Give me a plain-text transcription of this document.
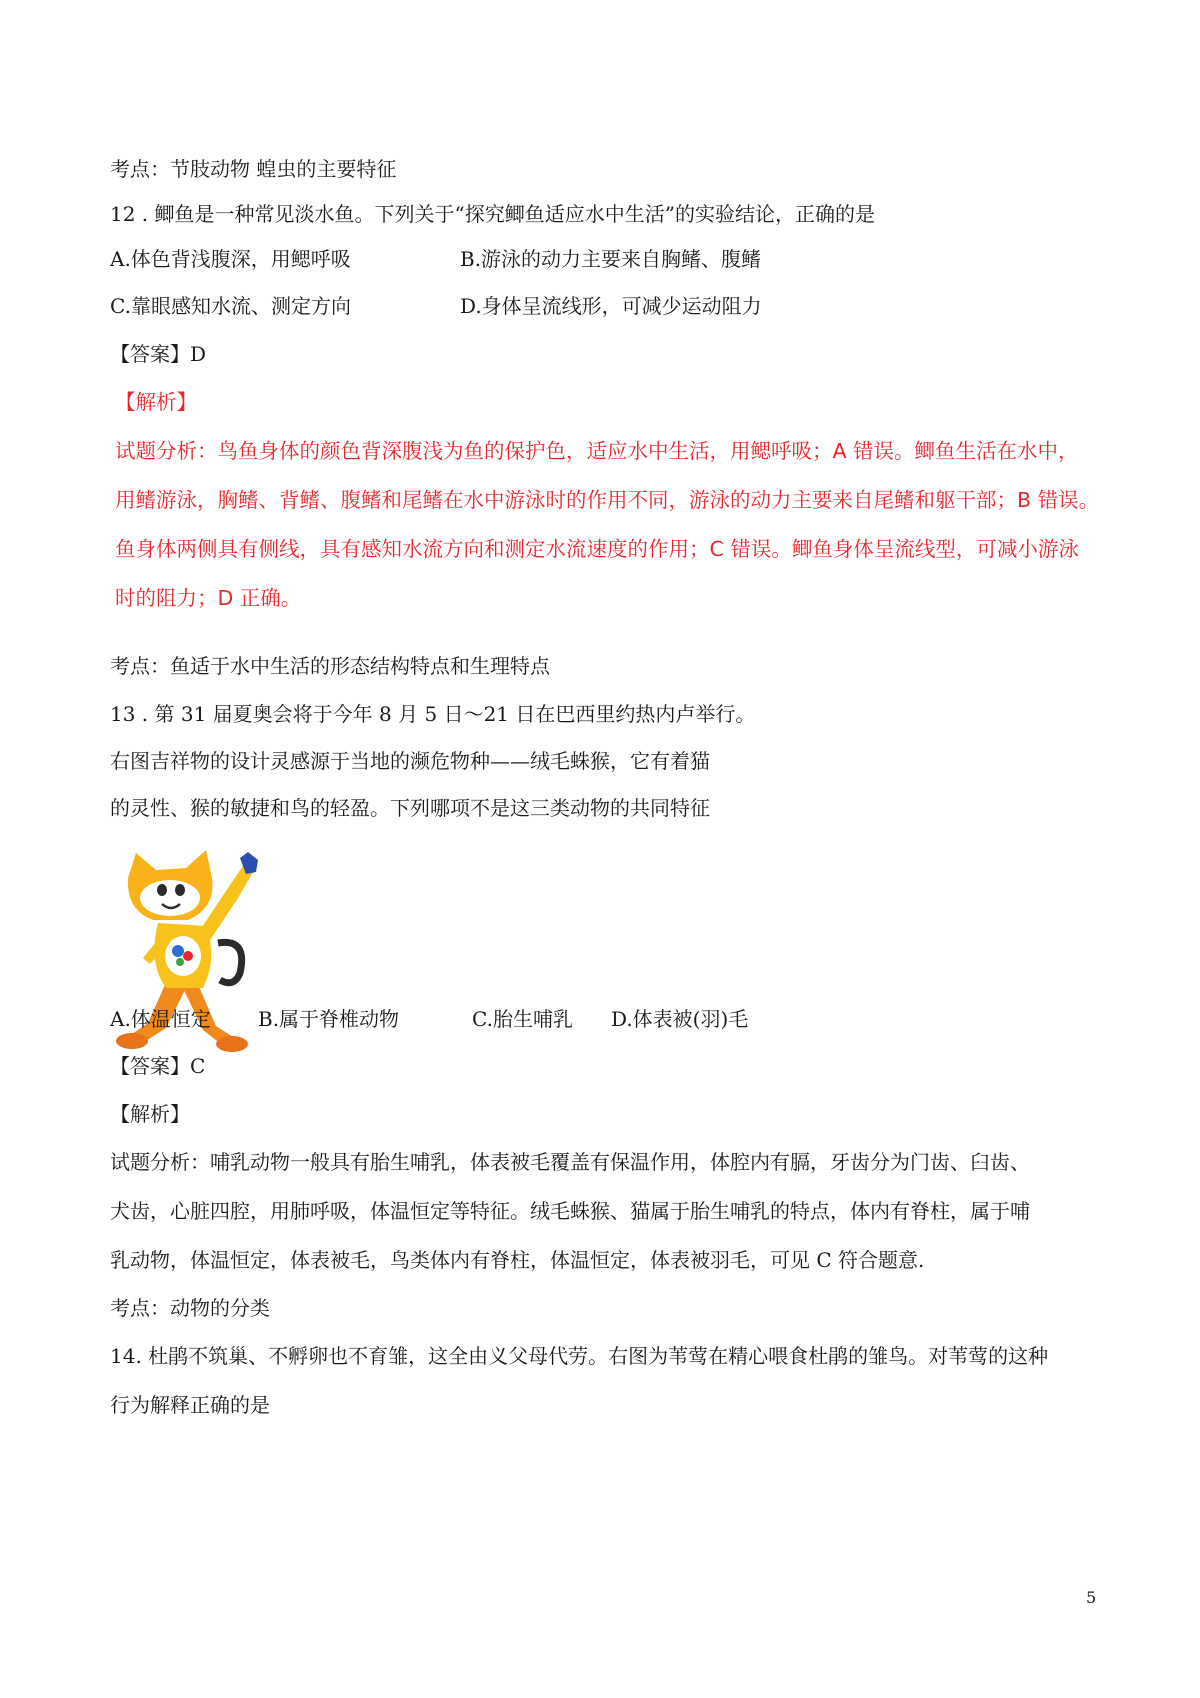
考点：节肢动物 蝗虫的主要特征
12 . 鲫鱼是一种常见淡水鱼。下列关于“探究鲫鱼适应水中生活”的实验结论，正确的是
A.体色背浅腹深，用鳃呼吸	B.游泳的动力主要来自胸鳍、腹鳍
C.靠眼感知水流、测定方向	D.身体呈流线形，可减少运动阻力
【答案】D
【解析】
试题分析：鸟鱼身体的颜色背深腹浅为鱼的保护色，适应水中生活，用鳃呼吸；A 错误。鲫鱼生活在水中，
用鳍游泳，胸鳍、背鳍、腹鳍和尾鳍在水中游泳时的作用不同，游泳的动力主要来自尾鳍和躯干部；B 错误。
鱼身体两侧具有侧线，具有感知水流方向和测定水流速度的作用；C 错误。鲫鱼身体呈流线型，可减小游泳
时的阻力；D 正确。
考点：鱼适于水中生活的形态结构特点和生理特点
13 . 第 31 届夏奥会将于今年 8 月 5 日～21 日在巴西里约热内卢举行。
右图吉祥物的设计灵感源于当地的濒危物种——绒毛蛛猴，它有着猫
的灵性、猴的敏捷和鸟的轻盈。下列哪项不是这三类动物的共同特征
A.体温恒定 B.属于脊椎动物	C.胎生哺乳 D.体表被(羽)毛
【答案】C
【解析】
试题分析：哺乳动物一般具有胎生哺乳，体表被毛覆盖有保温作用，体腔内有膈，牙齿分为门齿、臼齿、
犬齿，心脏四腔，用肺呼吸，体温恒定等特征。绒毛蛛猴、猫属于胎生哺乳的特点，体内有脊柱，属于哺
乳动物，体温恒定，体表被毛，鸟类体内有脊柱，体温恒定，体表被羽毛，可见 C 符合题意.
考点：动物的分类
14. 杜鹃不筑巢、不孵卵也不育雏，这全由义父母代劳。右图为苇莺在精心喂食杜鹃的雏鸟。对苇莺的这种
行为解释正确的是
5
